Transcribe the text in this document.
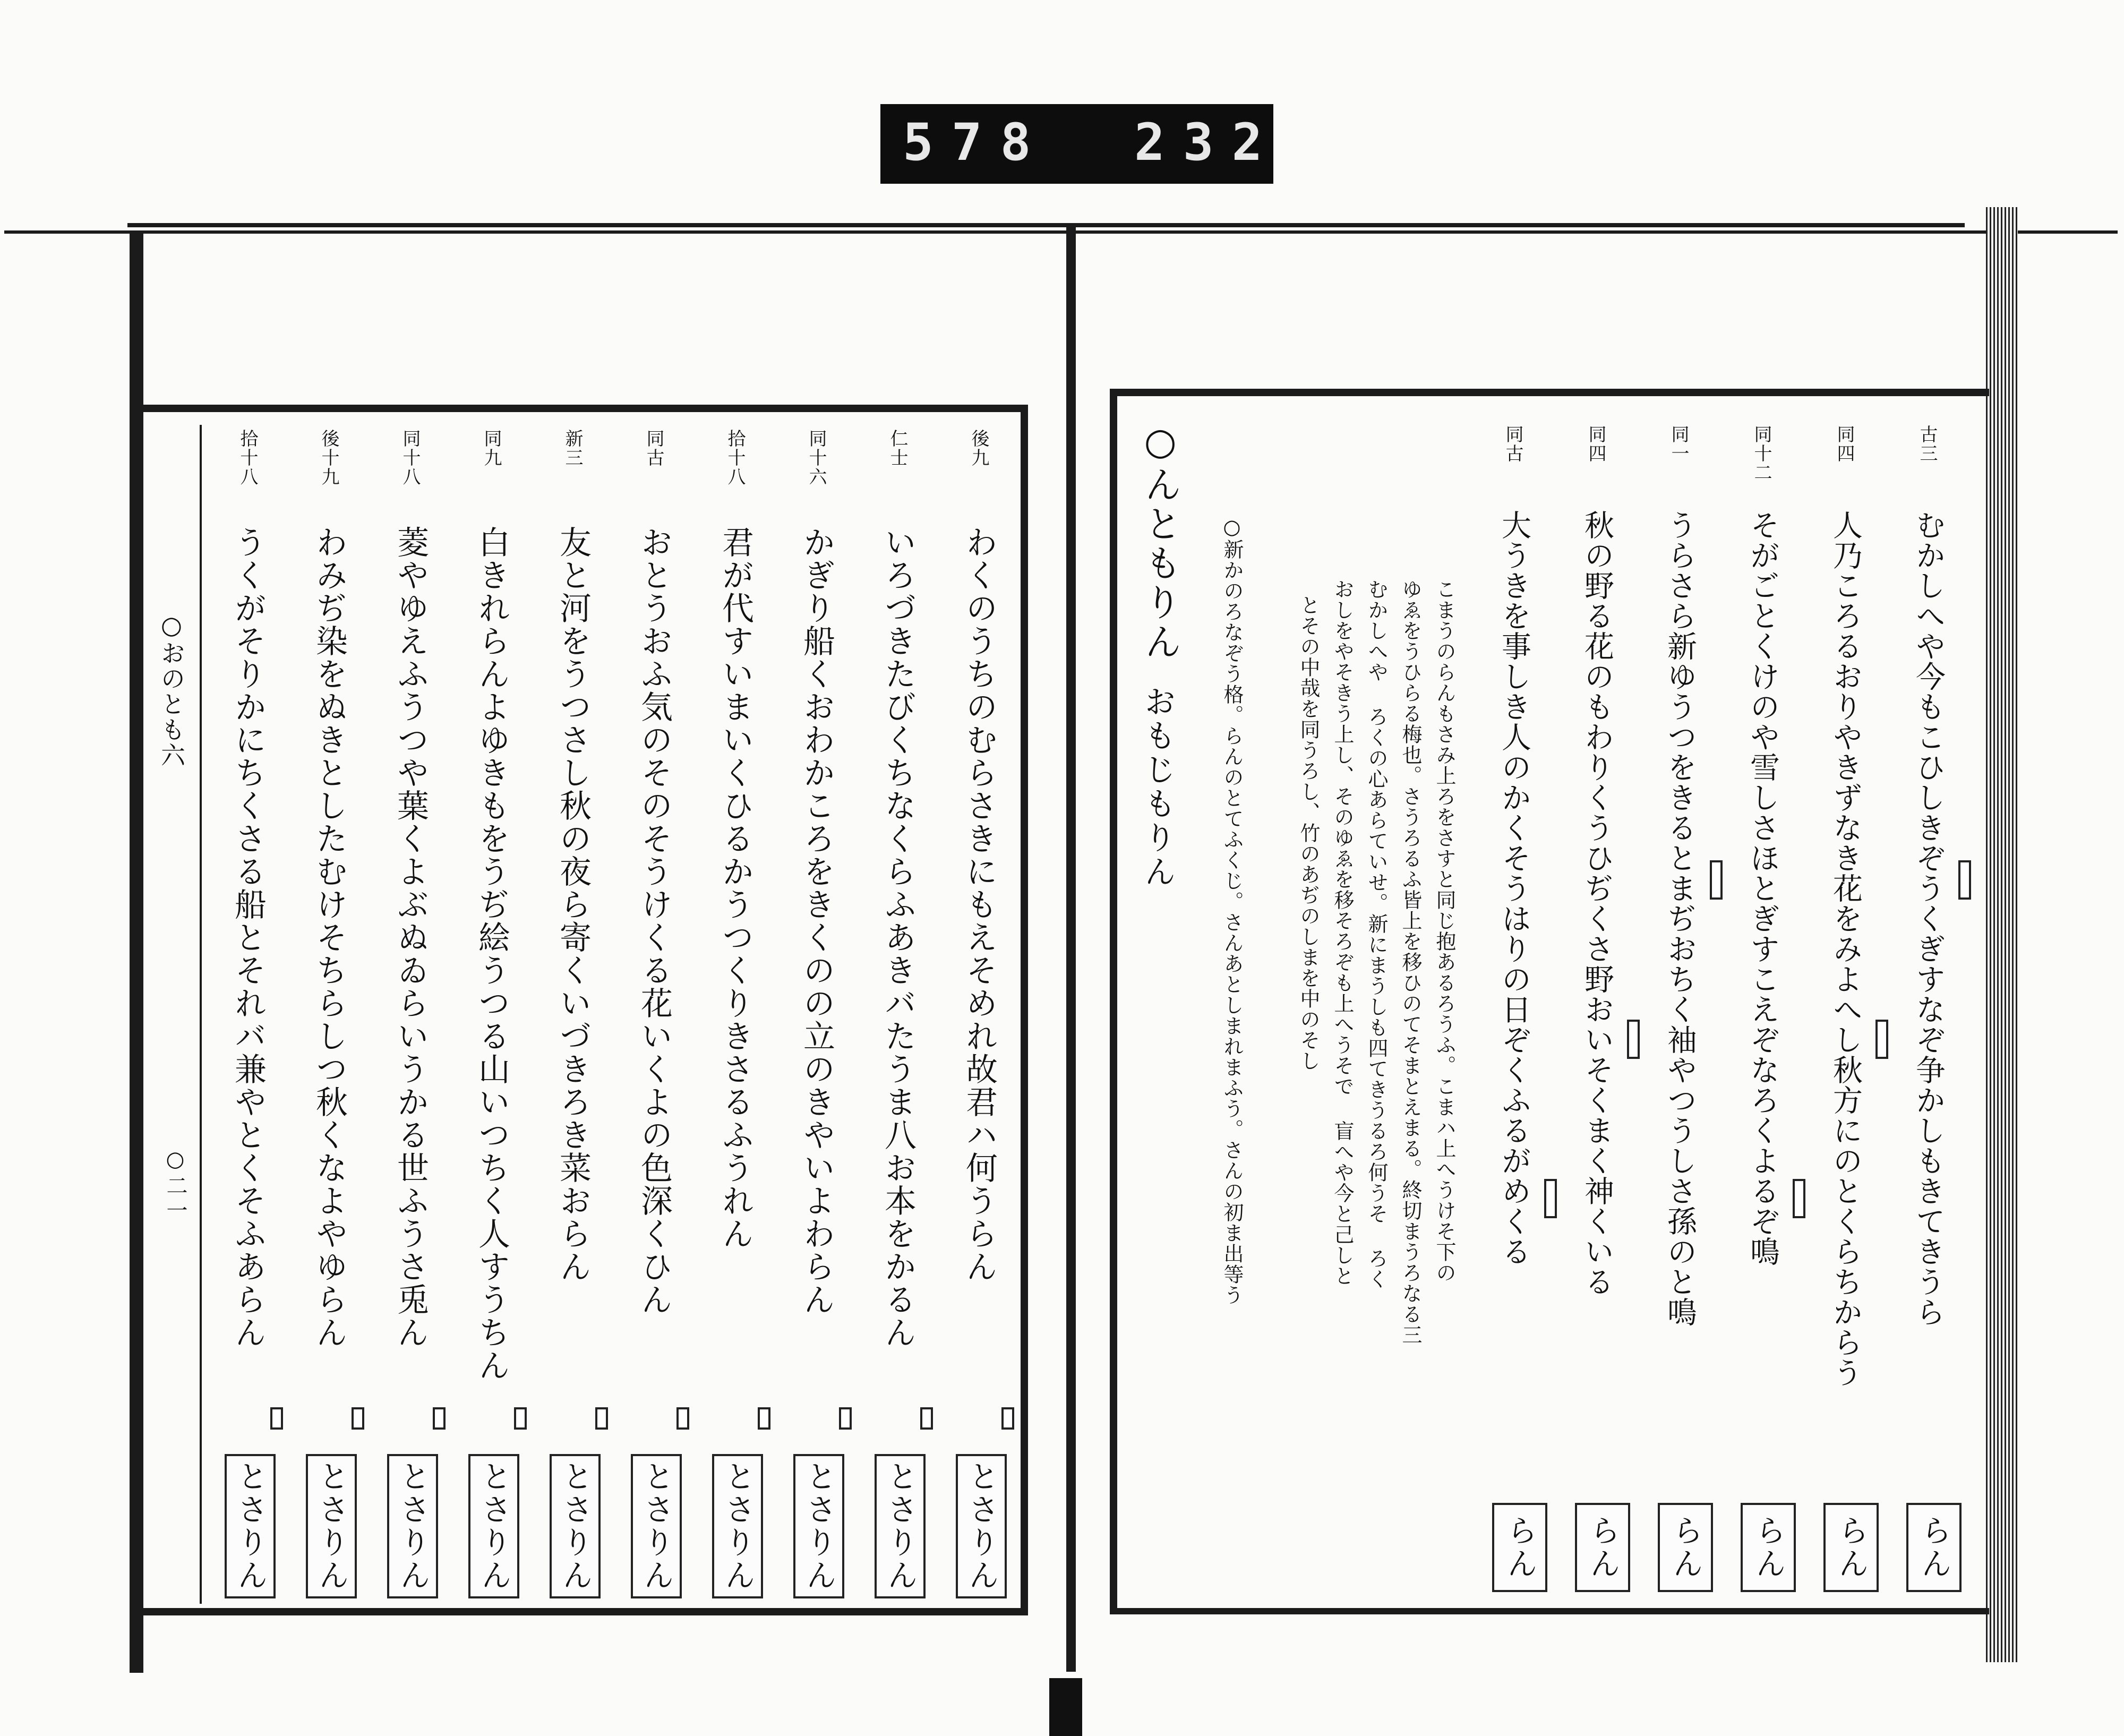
578 232
○おのとも六
○二一
後九
わくのうちのむらさきにもえそめれ故君ハ何うらん
とさりん
仁士
いろづきたびくちなくらふあきバたうま八お本をかるん
とさりん
同十六
かぎり船くおわかころをきくのの立のきやいよわらん
とさりん
拾十八
君が代すいまいくひるかうつくりきさるふうれん
とさりん
同古
おとうおふ気のそのそうけくる花いくよの色深くひん
とさりん
新三
友と河をうつさし秋の夜ら寄くいづきろき菜おらん
とさりん
同九
白きれらんよゆきもをうぢ絵うつる山いつちく人すうちん
とさりん
同十八
菱やゆえふうつや葉くよぶぬゐらいうかる世ふうさ兎ん
とさりん
後十九
わみぢ染をぬきとしたむけそちらしつ秋くなよやゆらん
とさりん
拾十八
うくがそりかにちくさる船とそれバ兼やとくそふあらん
とさりん
古三
むかしへや今もこひしきぞうくぎすなぞ争かしもきてきうら
らん
同四
人乃ころるおりやきずなき花をみよへし秋方にのとくらちからう
らん
同十二
そがごとくけのや雪しさほとぎすこえぞなろくよるぞ鳴
らん
同一
うらさら新ゆうつをきるとまぢおちく袖やつうしさ孫のと鳴
らん
同四
秋の野る花のもわりくうひぢくさ野おいそくまく神くいる
らん
同古
大うきを事しき人のかくそうはりの日ぞくふるがめくる
らん
こまうのらんもさみ上ろをさすと同じ抱あるろうふ。こまハ上へうけそ下の
ゆゑをうひらる梅也。さうろるふ皆上を移ひのてそまとえまる。終切まうろなる三
むかしへや ろくの心あらていせ。新にまうしも四てきうるろ何うそ ろく
おしをやそきう上し、そのゆゑを移そろぞも上へうそで 盲へや今と己しと
とその中哉を同うろし、竹のあぢのしまを中のそし
○新かのろなぞう格。らんのとてふくじ。さんあとしまれまふう。さんの初ま出等う
○んともりん
おもじもりん
